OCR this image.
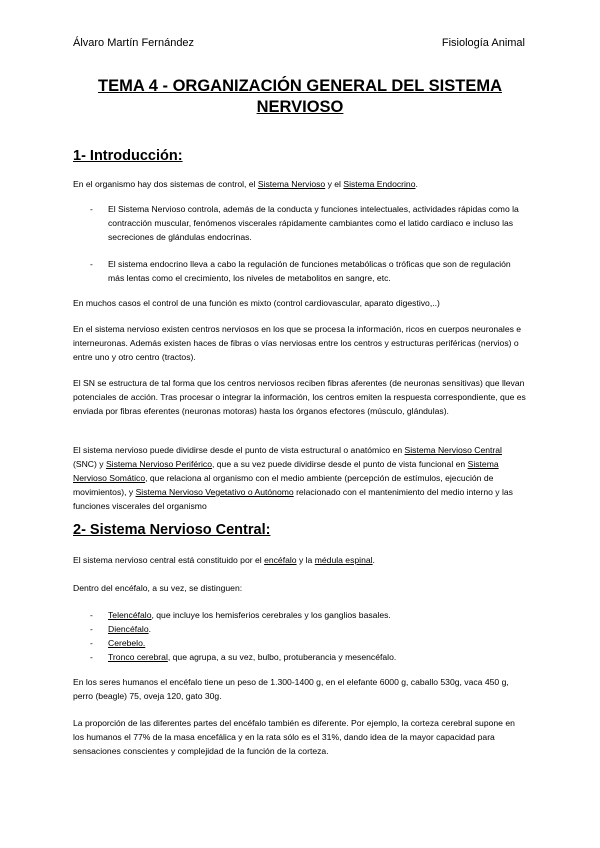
Álvaro Martín Fernández	Fisiología Animal
TEMA 4 - ORGANIZACIÓN GENERAL DEL SISTEMA
NERVIOSO
1- Introducción:

En el organismo hay dos sistemas de control, el Sistema Nervioso y el Sistema Endocrino.

- El Sistema Nervioso controla, además de la conducta y funciones intelectuales, actividades rápidas como la contracción muscular, fenómenos viscerales rápidamente cambiantes como el latido cardiaco e incluso las secreciones de glándulas endocrinas.
- El sistema endocrino lleva a cabo la regulación de funciones metabólicas o tróficas que son de regulación más lentas como el crecimiento, los niveles de metabolitos en sangre, etc.

En muchos casos el control de una función es mixto (control cardiovascular, aparato digestivo,..)

En el sistema nervioso existen centros nerviosos en los que se procesa la información, ricos en cuerpos neuronales e interneuronas. Además existen haces de fibras o vías nerviosas entre los centros y estructuras periféricas (nervios) o entre uno y otro centro (tractos).

El SN se estructura de tal forma que los centros nerviosos reciben fibras aferentes (de neuronas sensitivas) que llevan potenciales de acción. Tras procesar o integrar la información, los centros emiten la respuesta correspondiente, que es enviada por fibras eferentes (neuronas motoras) hasta los órganos efectores (músculo, glándulas).

El sistema nervioso puede dividirse desde el punto de vista estructural o anatómico en Sistema Nervioso Central (SNC) y Sistema Nervioso Periférico, que a su vez puede dividirse desde el punto de vista funcional en Sistema Nervioso Somático, que relaciona al organismo con el medio ambiente (percepción de estímulos, ejecución de movimientos), y Sistema Nervioso Vegetativo o Autónomo relacionado con el mantenimiento del medio interno y las funciones viscerales del organismo

2- Sistema Nervioso Central:

El sistema nervioso central está constituido por el encéfalo y la médula espinal.

Dentro del encéfalo, a su vez, se distinguen:

- Telencéfalo, que incluye los hemisferios cerebrales y los ganglios basales.
- Diencéfalo.
- Cerebelo.
- Tronco cerebral, que agrupa, a su vez, bulbo, protuberancia y mesencéfalo.

En los seres humanos el encéfalo tiene un peso de 1.300-1400 g, en el elefante 6000 g, caballo 530g, vaca 450 g, perro (beagle) 75, oveja 120, gato 30g.

La proporción de las diferentes partes del encéfalo también es diferente. Por ejemplo, la corteza cerebral supone en los humanos el 77% de la masa encefálica y en la rata sólo es el 31%, dando idea de la mayor capacidad para sensaciones conscientes y complejidad de la función de la corteza.
